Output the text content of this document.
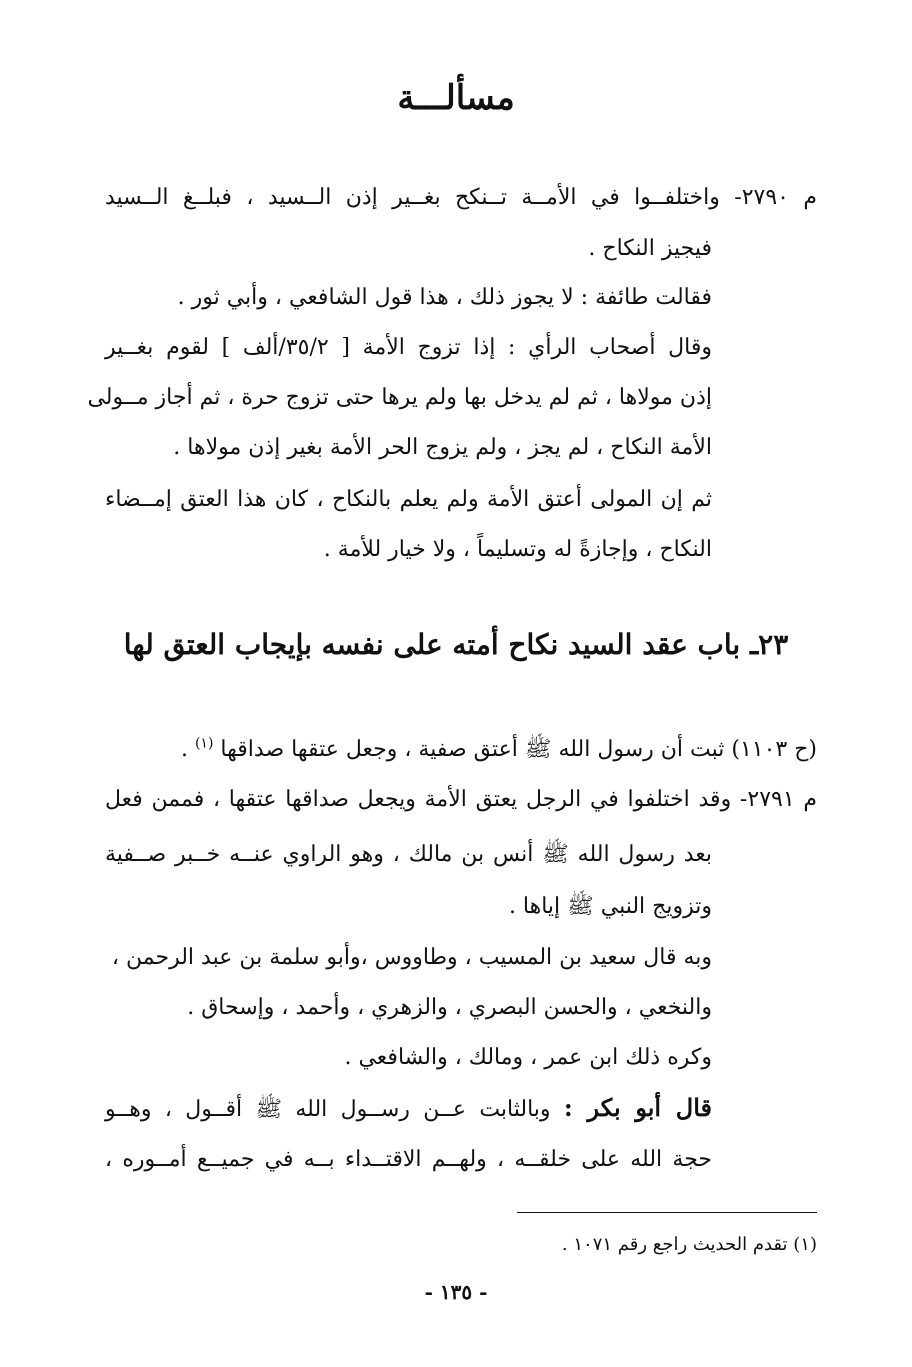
مسألـــة
م ٢٧٩٠- واختلفــوا في الأمــة تــنكح بغــير إذن الــسيد ، فبلــغ الــسيد
فيجيز النكاح .
فقالت طائفة : لا يجوز ذلك ، هذا قول الشافعي ، وأبي ثور .
وقال أصحاب الرأي : إذا تزوج الأمة [ ٣٥/٢/ألف ] لقوم بغــير
إذن مولاها ، ثم لم يدخل بها ولم يرها حتى تزوج حرة ، ثم أجاز مــولى
الأمة النكاح ، لم يجز ، ولم يزوج الحر الأمة بغير إذن مولاها .
ثم إن المولى أعتق الأمة ولم يعلم بالنكاح ، كان هذا العتق إمــضاء
النكاح ، وإجازةً له وتسليماً ، ولا خيار للأمة .
٢٣ـ باب عقد السيد نكاح أمته على نفسه بإيجاب العتق لها
(ح ١١٠٣) ثبت أن رسول الله ﷺ أعتق صفية ، وجعل عتقها صداقها $^{(١)}$ .
م ٢٧٩١- وقد اختلفوا في الرجل يعتق الأمة ويجعل صداقها عتقها ، فممن فعل
بعد رسول الله ﷺ أنس بن مالك ، وهو الراوي عنــه خــبر صــفية
وتزويج النبي ﷺ إياها .
وبه قال سعيد بن المسيب ، وطاووس ،وأبو سلمة بن عبد الرحمن ،
والنخعي ، والحسن البصري ، والزهري ، وأحمد ، وإسحاق .
وكره ذلك ابن عمر ، ومالك ، والشافعي .
قال أبو بكر : وبالثابت عــن رســول الله ﷺ أقــول ، وهــو
حجة الله على خلقــه ، ولهــم الاقتــداء بــه في جميــع أمــوره ،
(١) تقدم الحديث راجع رقم ١٠٧١ .
- ١٣٥ -
